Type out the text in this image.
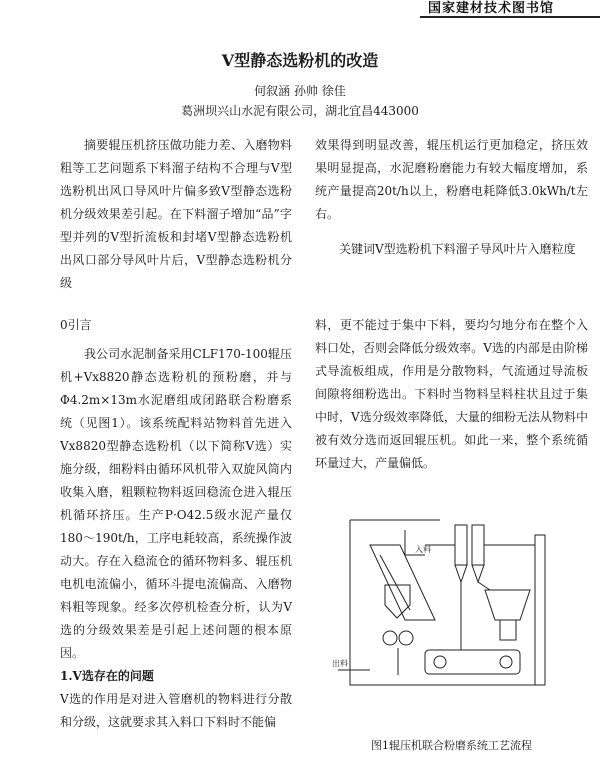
国家建材技术图书馆
V型静态选粉机的改造
何叙涵 孙帅 徐佳
葛洲坝兴山水泥有限公司，湖北宜昌443000

摘要辊压机挤压做功能力差、入磨物料粗等工艺问题系下料溜子结构不合理与V型选粉机出风口导风叶片偏多致V型静态选粉机分级效果差引起。在下料溜子增加“品”字型并列的V型折流板和封堵V型静态选粉机出风口部分导风叶片后，V型静态选粉机分级

效果得到明显改善，辊压机运行更加稳定，挤压效果明显提高，水泥磨粉磨能力有较大幅度增加，系统产量提高20t/h以上，粉磨电耗降低3.0kWh/t左右。

关键词V型选粉机下料溜子导风叶片入磨粒度

0引言

我公司水泥制备采用CLF170-100辊压机+Vx8820静态选粉机的预粉磨，并与Φ4.2m×13m水泥磨组成闭路联合粉磨系统（见图1）。该系统配料站物料首先进入Vx8820型静态选粉机（以下简称V选）实施分级，细粉料由循环风机带入双旋风筒内收集入磨，粗颗粒物料返回稳流仓进入辊压机循环挤压。生产P·O42.5级水泥产量仅180～190t/h，工序电耗较高，系统操作波动大。存在入稳流仓的循环物料多、辊压机电机电流偏小，循环斗提电流偏高、入磨物料粗等现象。经多次停机检查分析，认为V选的分级效果差是引起上述问题的根本原因。

1.V选存在的问题

V选的作用是对进入管磨机的物料进行分散和分级，这就要求其入料口下料时不能偏

料，更不能过于集中下料，要均匀地分布在整个入料口处，否则会降低分级效率。V选的内部是由阶梯式导流板组成，作用是分散物料，气流通过导流板间隙将细粉选出。下料时当物料呈料柱状且过于集中时，V选分级效率降低，大量的细粉无法从物料中被有效分选而返回辊压机。如此一来，整个系统循环量过大，产量偏低。

入料
出料
图1辊压机联合粉磨系统工艺流程
